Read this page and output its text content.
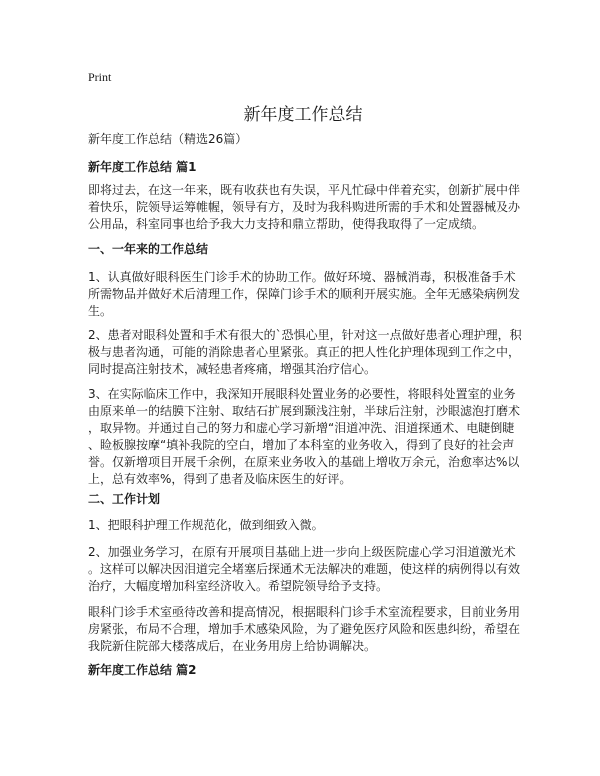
Print
新年度工作总结
新年度工作总结（精选26篇）
新年度工作总结 篇1
即将过去，在这一年来，既有收获也有失误，平凡忙碌中伴着充实，创新扩展中伴
着快乐，院领导运筹帷幄，领导有方，及时为我科购进所需的手术和处置器械及办
公用品，科室同事也给予我大力支持和鼎立帮助，使得我取得了一定成绩。
一、一年来的工作总结
1、认真做好眼科医生门诊手术的协助工作。做好环境、器械消毒，积极准备手术
所需物品并做好术后清理工作，保障门诊手术的顺利开展实施。全年无感染病例发
生。
2、患者对眼科处置和手术有很大的`恐惧心里，针对这一点做好患者心理护理，积
极与患者沟通，可能的消除患者心里紧张。真正的把人性化护理体现到工作之中，
同时提高注射技术，减轻患者疼痛，增强其治疗信心。
3、在实际临床工作中，我深知开展眼科处置业务的必要性，将眼科处置室的业务
由原来单一的结膜下注射、取结石扩展到颞浅注射，半球后注射，沙眼滤泡打磨术
，取异物。并通过自己的努力和虚心学习新增“泪道冲洗、泪道探通术、电睫倒睫
、睑板腺按摩“填补我院的空白，增加了本科室的业务收入，得到了良好的社会声
誉。仅新增项目开展千余例，在原来业务收入的基础上增收万余元，治愈率达%以
上，总有效率%，得到了患者及临床医生的好评。
二、工作计划
1、把眼科护理工作规范化，做到细致入微。
2、加强业务学习，在原有开展项目基础上进一步向上级医院虚心学习泪道激光术
。这样可以解决因泪道完全堵塞后探通术无法解决的难题，使这样的病例得以有效
治疗，大幅度增加科室经济收入。希望院领导给予支持。
眼科门诊手术室亟待改善和提高情况，根据眼科门诊手术室流程要求，目前业务用
房紧张，布局不合理，增加手术感染风险，为了避免医疗风险和医患纠纷，希望在
我院新住院部大楼落成后，在业务用房上给协调解决。
新年度工作总结 篇2
